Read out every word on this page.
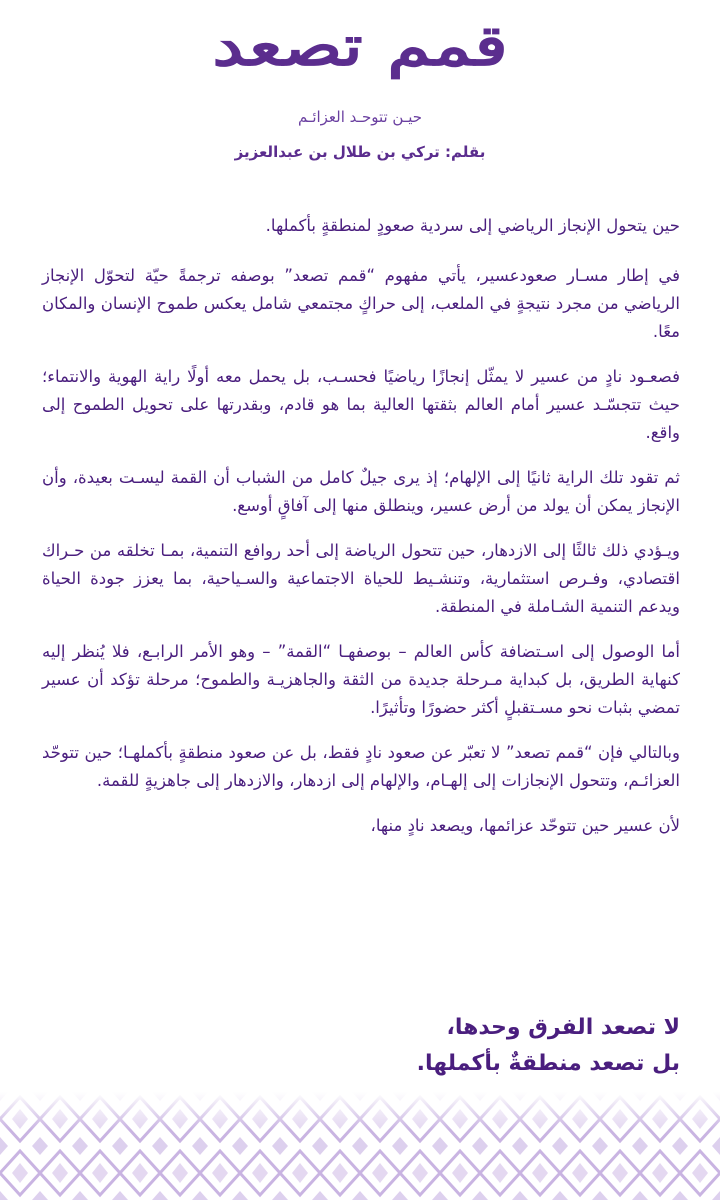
قمم تصعد
حيـن تتوحـد العزائـم
بقلم: تركي بن طلال بن عبدالعزيز

حين يتحول الإنجاز الرياضي إلى سردية صعودٍ لمنطقةٍ بأكملها.

في إطار مسـار صعودعسير، يأتي مفهوم “قمم تصعد” بوصفه ترجمةً حيّة لتحوّل الإنجاز الرياضي من مجرد نتيجةٍ في الملعب، إلى حراكٍ مجتمعي شامل يعكس طموح الإنسان والمكان معًا.

فصعـود نادٍ من عسير لا يمثّل إنجازًا رياضيًا فحسـب، بل يحمل معه أولًا راية الهوية والانتماء؛ حيث تتجسّـد عسير أمام العالم بثقتها العالية بما هو قادم، وبقدرتها على تحويل الطموح إلى واقع.

ثم تقود تلك الراية ثانيًا إلى الإلهام؛ إذ يرى جيلٌ كامل من الشباب أن القمة ليسـت بعيدة، وأن الإنجاز يمكن أن يولد من أرض عسير، وينطلق منها إلى آفاقٍ أوسع.

ويـؤدي ذلك ثالثًا إلى الازدهار، حين تتحول الرياضة إلى أحد روافع التنمية، بمـا تخلقه من حـراك اقتصادي، وفـرص استثمارية، وتنشـيط للحياة الاجتماعية والسـياحية، بما يعزز جودة الحياة ويدعم التنمية الشـاملة في المنطقة.

أما الوصول إلى اسـتضافة كأس العالم – بوصفهـا “القمة” – وهو الأمر الرابـع، فلا يُنظر إليه كنهاية الطريق، بل كبداية مـرحلة جديدة من الثقة والجاهزيـة والطموح؛ مرحلة تؤكد أن عسير تمضي بثبات نحو مسـتقبلٍ أكثر حضورًا وتأثيرًا.

وبالتالي فإن “قمم تصعد” لا تعبّر عن صعود نادٍ فقط، بل عن صعود منطقةٍ بأكملهـا؛ حين تتوحّد العزائـم، وتتحول الإنجازات إلى إلهـام، والإلهام إلى ازدهار، والازدهار إلى جاهزيةٍ للقمة.

لأن عسير حين تتوحّد عزائمها، ويصعد نادٍ منها،

لا تصعد الفرق وحدها،
بل تصعد منطقةٌ بأكملها.
